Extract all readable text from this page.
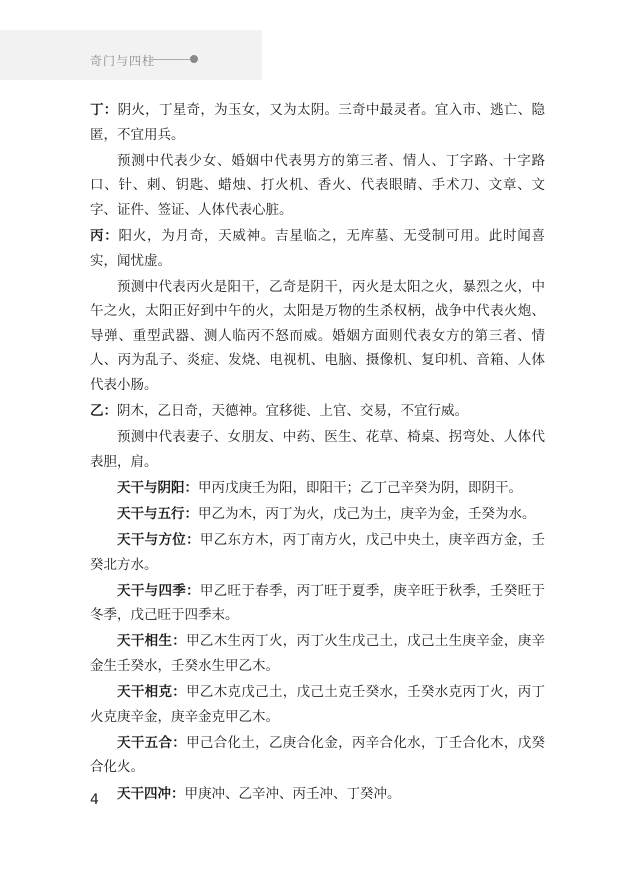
奇门与四柱

丁：阴火，丁星奇，为玉女，又为太阴。三奇中最灵者。宜入市、逃亡、隐匿，不宜用兵。

预测中代表少女、婚姻中代表男方的第三者、情人、丁字路、十字路口、针、刺、钥匙、蜡烛、打火机、香火、代表眼睛、手术刀、文章、文字、证件、签证、人体代表心脏。

丙：阳火，为月奇，天威神。吉星临之，无库墓、无受制可用。此时闻喜实，闻忧虚。

预测中代表丙火是阳干，乙奇是阴干，丙火是太阳之火，暴烈之火，中午之火，太阳正好到中午的火，太阳是万物的生杀权柄，战争中代表火炮、导弹、重型武器、测人临丙不怒而威。婚姻方面则代表女方的第三者、情人、丙为乱子、炎症、发烧、电视机、电脑、摄像机、复印机、音箱、人体代表小肠。

乙：阴木，乙日奇，天德神。宜移徙、上官、交易，不宜行威。

预测中代表妻子、女朋友、中药、医生、花草、椅桌、拐弯处、人体代表胆，肩。

天干与阴阳：甲丙戊庚壬为阳，即阳干；乙丁己辛癸为阴，即阴干。

天干与五行：甲乙为木，丙丁为火，戊己为土，庚辛为金，壬癸为水。

天干与方位：甲乙东方木，丙丁南方火，戊己中央土，庚辛西方金，壬癸北方水。

天干与四季：甲乙旺于春季，丙丁旺于夏季，庚辛旺于秋季，壬癸旺于冬季，戊己旺于四季末。

天干相生：甲乙木生丙丁火，丙丁火生戊己土，戊己土生庚辛金，庚辛金生壬癸水，壬癸水生甲乙木。

天干相克：甲乙木克戊己土，戊己土克壬癸水，壬癸水克丙丁火，丙丁火克庚辛金，庚辛金克甲乙木。

天干五合：甲己合化土，乙庚合化金，丙辛合化水，丁壬合化木，戊癸合化火。

天干四冲：甲庚冲、乙辛冲、丙壬冲、丁癸冲。

4
